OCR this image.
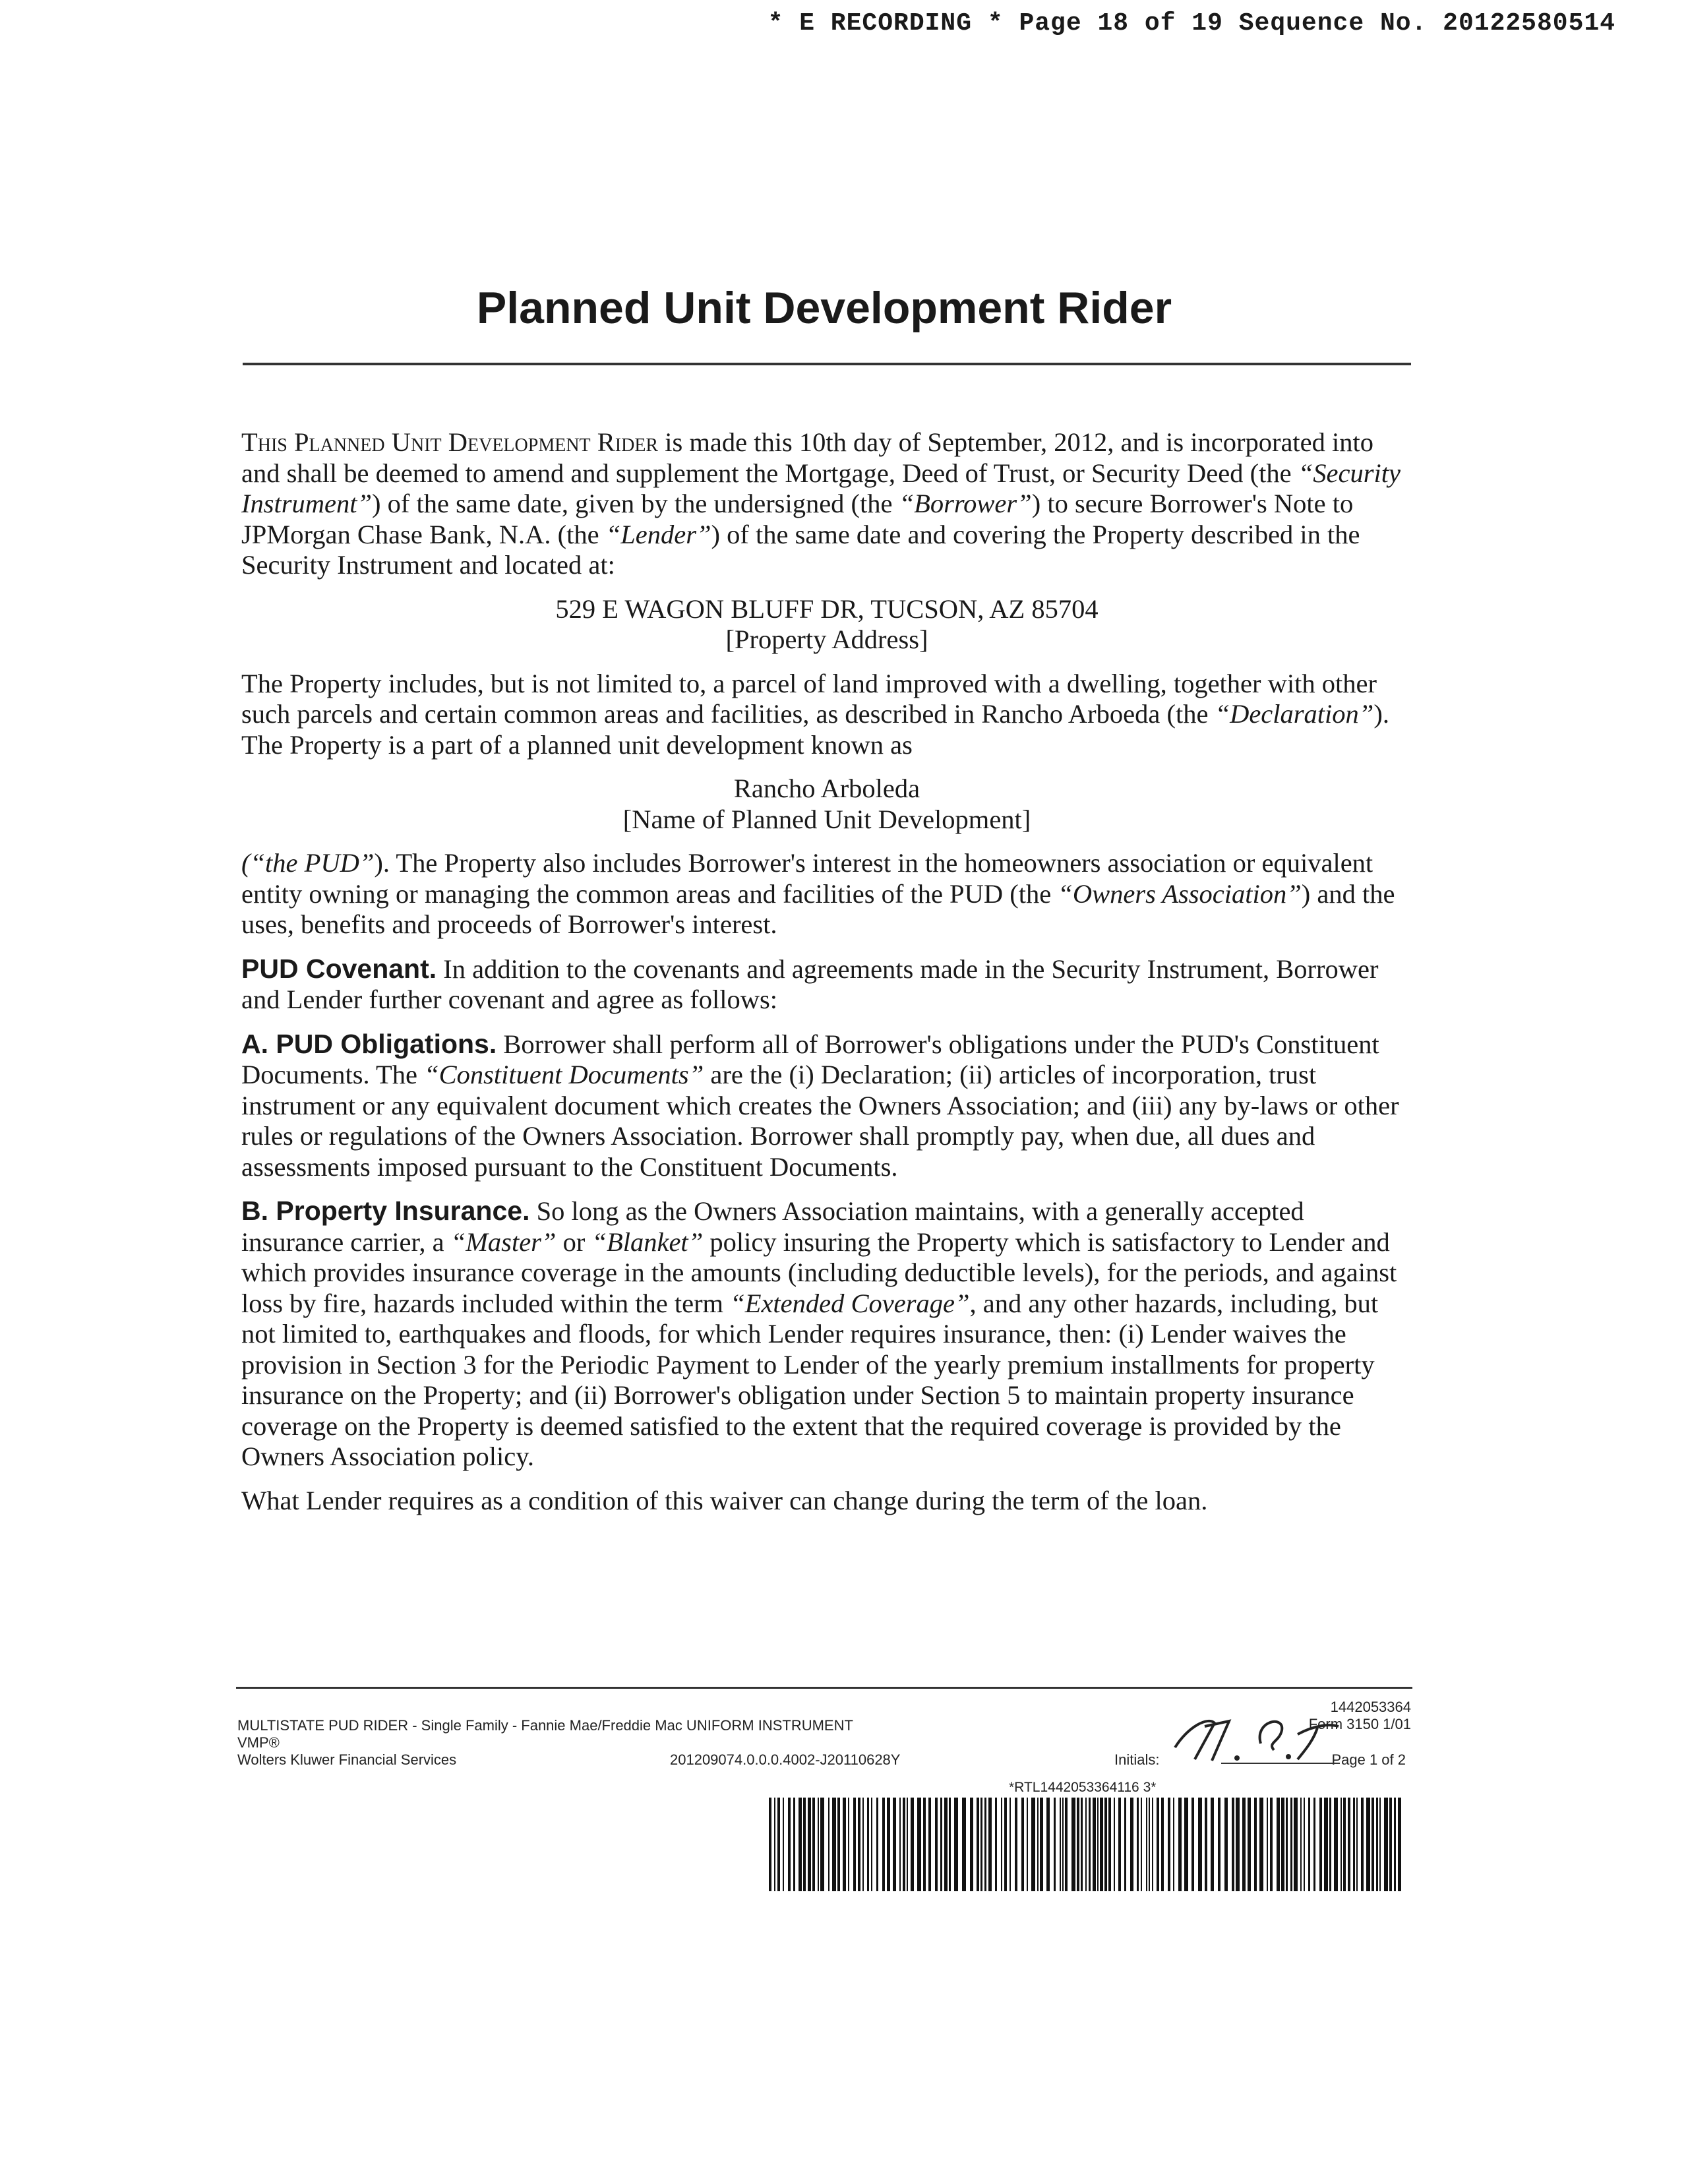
* E RECORDING * Page 18 of 19 Sequence No. 20122580514
Planned Unit Development Rider

This Planned Unit Development Rider is made this 10th day of September, 2012, and is incorporated into and shall be deemed to amend and supplement the Mortgage, Deed of Trust, or Security Deed (the “Security Instrument”) of the same date, given by the undersigned (the “Borrower”) to secure Borrower's Note to JPMorgan Chase Bank, N.A. (the “Lender”) of the same date and covering the Property described in the Security Instrument and located at:

529 E WAGON BLUFF DR, TUCSON, AZ 85704
[Property Address]

The Property includes, but is not limited to, a parcel of land improved with a dwelling, together with other such parcels and certain common areas and facilities, as described in Rancho Arboeda (the “Declaration”). The Property is a part of a planned unit development known as

Rancho Arboleda
[Name of Planned Unit Development]

(“the PUD”). The Property also includes Borrower's interest in the homeowners association or equivalent entity owning or managing the common areas and facilities of the PUD (the “Owners Association”) and the uses, benefits and proceeds of Borrower's interest.

PUD Covenant. In addition to the covenants and agreements made in the Security Instrument, Borrower and Lender further covenant and agree as follows:

A. PUD Obligations. Borrower shall perform all of Borrower's obligations under the PUD's Constituent Documents. The “Constituent Documents” are the (i) Declaration; (ii) articles of incorporation, trust instrument or any equivalent document which creates the Owners Association; and (iii) any by-laws or other rules or regulations of the Owners Association. Borrower shall promptly pay, when due, all dues and assessments imposed pursuant to the Constituent Documents.

B. Property Insurance. So long as the Owners Association maintains, with a generally accepted insurance carrier, a “Master” or “Blanket” policy insuring the Property which is satisfactory to Lender and which provides insurance coverage in the amounts (including deductible levels), for the periods, and against loss by fire, hazards included within the term “Extended Coverage”, and any other hazards, including, but not limited to, earthquakes and floods, for which Lender requires insurance, then: (i) Lender waives the provision in Section 3 for the Periodic Payment to Lender of the yearly premium installments for property insurance on the Property; and (ii) Borrower's obligation under Section 5 to maintain property insurance coverage on the Property is deemed satisfied to the extent that the required coverage is provided by the Owners Association policy.

What Lender requires as a condition of this waiver can change during the term of the loan.

MULTISTATE PUD RIDER - Single Family - Fannie Mae/Freddie Mac UNIFORM INSTRUMENT
VMP®
Wolters Kluwer Financial Services	201209074.0.0.0.4002-J20110628Y
1442053364
Form 3150 1/01
Initials:	Page 1 of 2
*RTL1442053364116 3*
